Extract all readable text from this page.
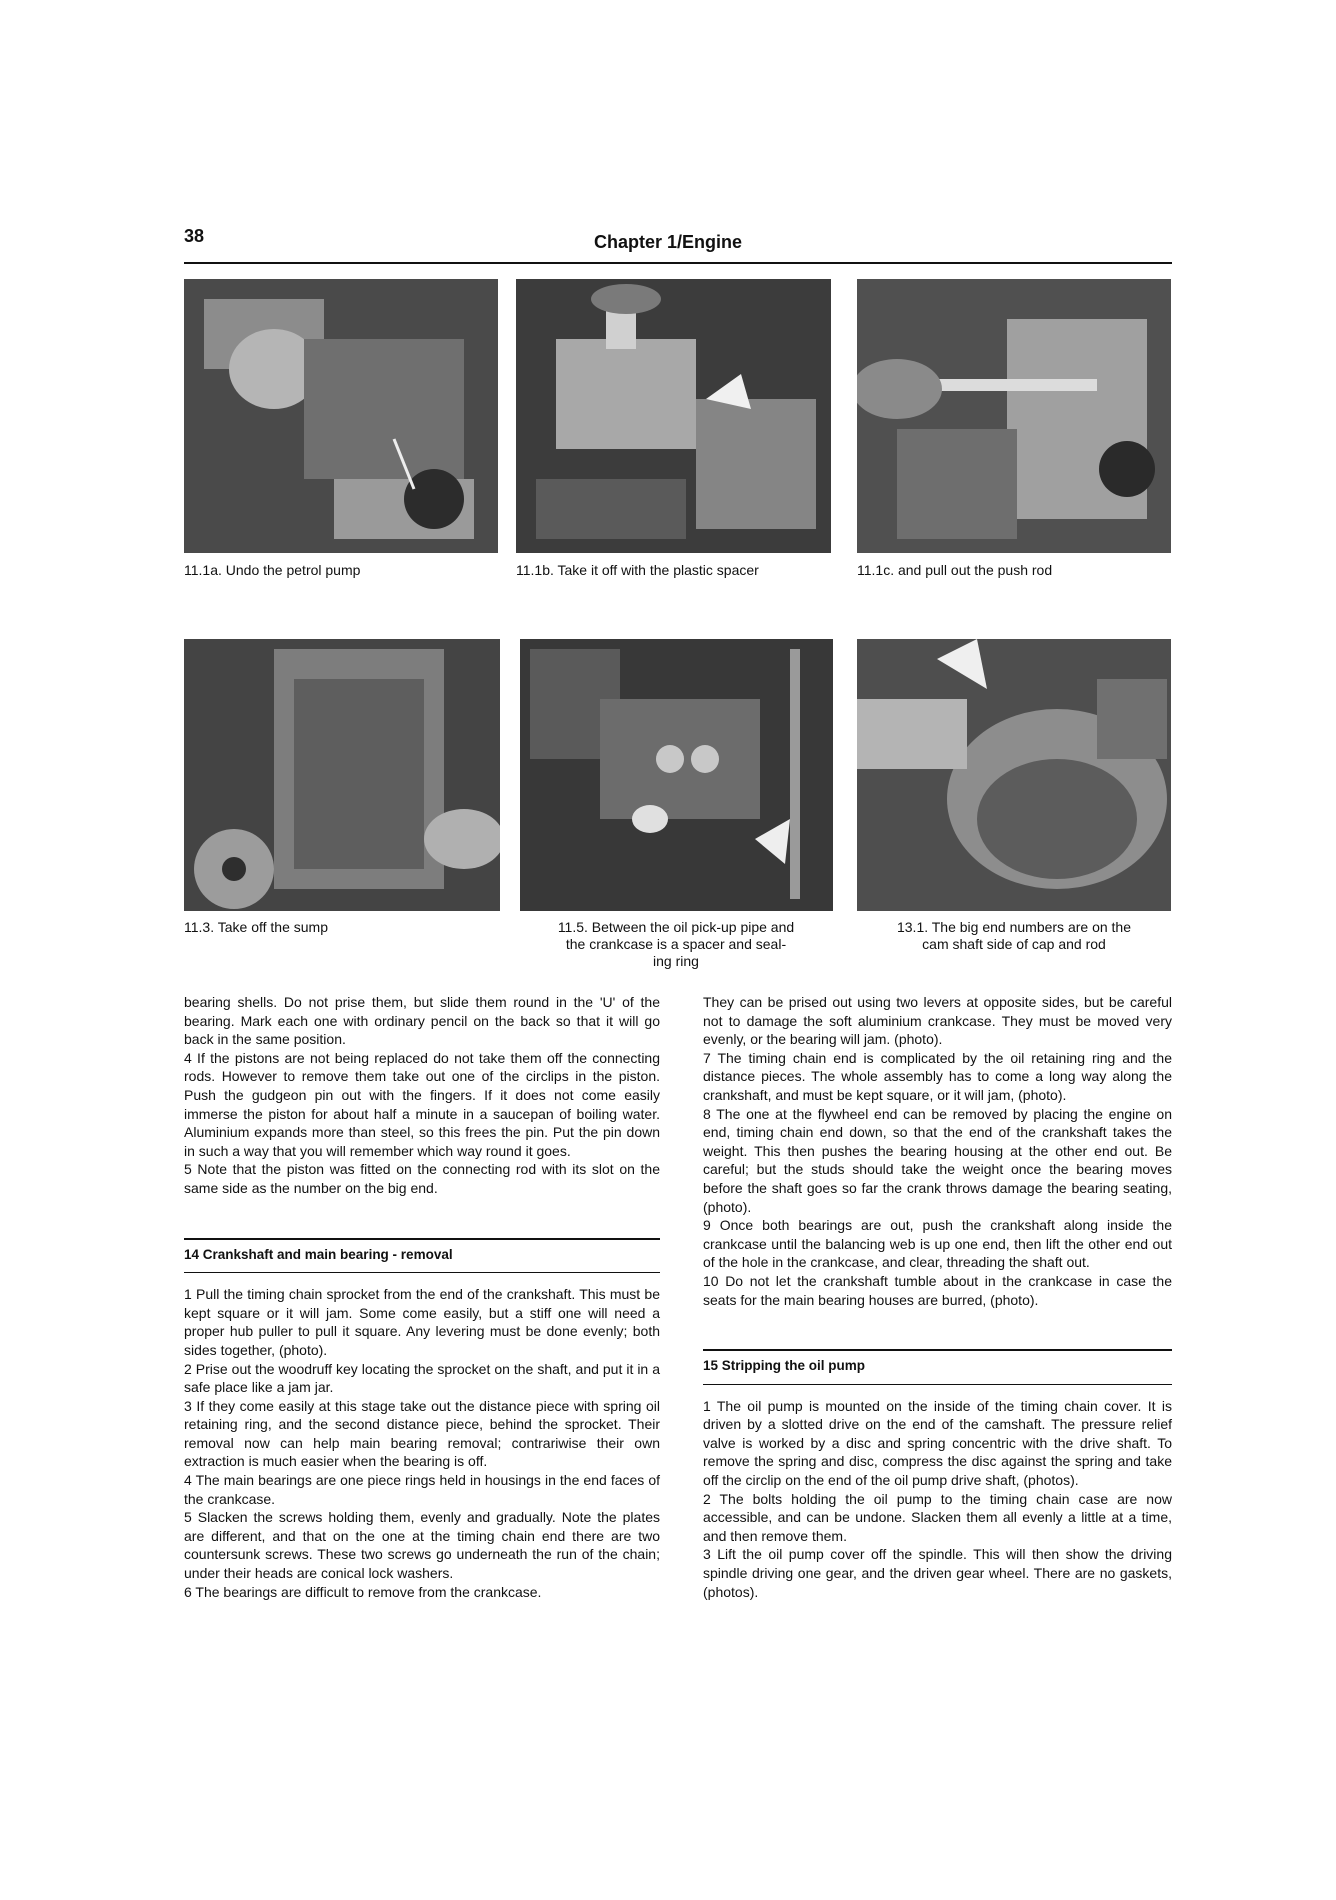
38	Chapter 1/Engine
11.1a. Undo the petrol pump	11.1b. Take it off with the plastic spacer	11.1c. and pull out the push rod
11.3. Take off the sump	11.5. Between the oil pick-up pipe and
the crankcase is a spacer and seal-
ing ring
13.1. The big end numbers are on the
cam shaft side of cap and rod

bearing shells. Do not prise them, but slide them round in the 'U' of the bearing. Mark each one with ordinary pencil on the back so that it will go back in the same position.

4 If the pistons are not being replaced do not take them off the connecting rods. However to remove them take out one of the circlips in the piston. Push the gudgeon pin out with the fingers. If it does not come easily immerse the piston for about half a minute in a saucepan of boiling water. Aluminium expands more than steel, so this frees the pin. Put the pin down in such a way that you will remember which way round it goes.

5 Note that the piston was fitted on the connecting rod with its slot on the same side as the number on the big end.

14 Crankshaft and main bearing - removal

1 Pull the timing chain sprocket from the end of the crankshaft. This must be kept square or it will jam. Some come easily, but a stiff one will need a proper hub puller to pull it square. Any levering must be done evenly; both sides together, (photo).

2 Prise out the woodruff key locating the sprocket on the shaft, and put it in a safe place like a jam jar.

3 If they come easily at this stage take out the distance piece with spring oil retaining ring, and the second distance piece, behind the sprocket. Their removal now can help main bearing removal; contrariwise their own extraction is much easier when the bearing is off.

4 The main bearings are one piece rings held in housings in the end faces of the crankcase.

5 Slacken the screws holding them, evenly and gradually. Note the plates are different, and that on the one at the timing chain end there are two countersunk screws. These two screws go underneath the run of the chain; under their heads are conical lock washers.

6 The bearings are difficult to remove from the crankcase.

They can be prised out using two levers at opposite sides, but be careful not to damage the soft aluminium crankcase. They must be moved very evenly, or the bearing will jam. (photo).

7 The timing chain end is complicated by the oil retaining ring and the distance pieces. The whole assembly has to come a long way along the crankshaft, and must be kept square, or it will jam, (photo).

8 The one at the flywheel end can be removed by placing the engine on end, timing chain end down, so that the end of the crankshaft takes the weight. This then pushes the bearing housing at the other end out. Be careful; but the studs should take the weight once the bearing moves before the shaft goes so far the crank throws damage the bearing seating, (photo).

9 Once both bearings are out, push the crankshaft along inside the crankcase until the balancing web is up one end, then lift the other end out of the hole in the crankcase, and clear, threading the shaft out.

10 Do not let the crankshaft tumble about in the crankcase in case the seats for the main bearing houses are burred, (photo).

15 Stripping the oil pump

1 The oil pump is mounted on the inside of the timing chain cover. It is driven by a slotted drive on the end of the camshaft. The pressure relief valve is worked by a disc and spring concentric with the drive shaft. To remove the spring and disc, compress the disc against the spring and take off the circlip on the end of the oil pump drive shaft, (photos).

2 The bolts holding the oil pump to the timing chain case are now accessible, and can be undone. Slacken them all evenly a little at a time, and then remove them.

3 Lift the oil pump cover off the spindle. This will then show the driving spindle driving one gear, and the driven gear wheel. There are no gaskets, (photos).
